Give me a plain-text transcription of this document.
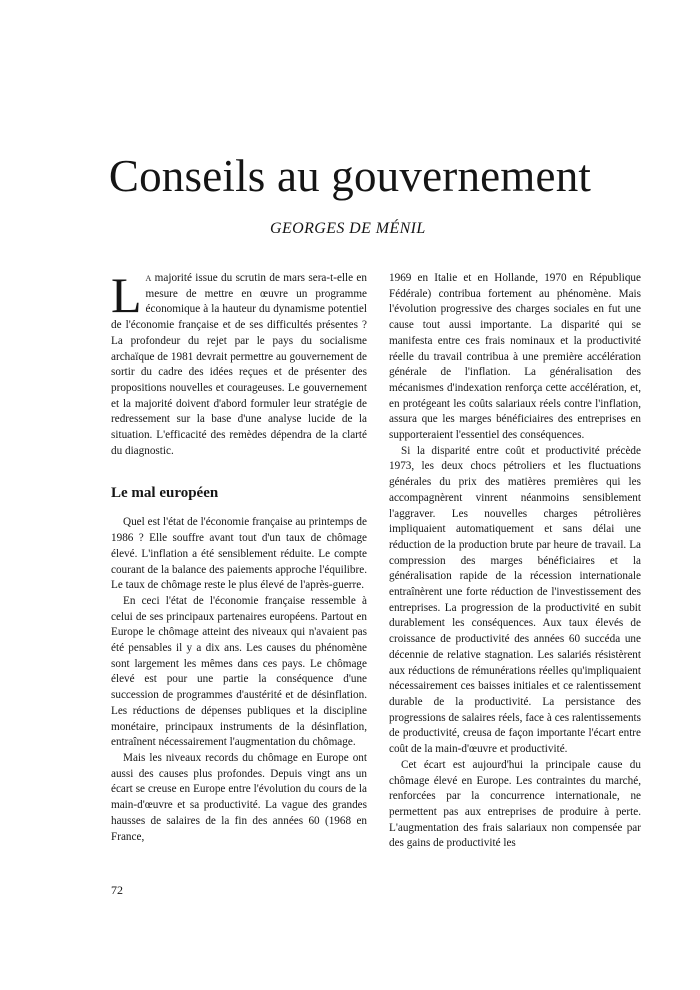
Conseils au gouvernement
GEORGES DE MÉNIL

La majorité issue du scrutin de mars sera-t-elle en mesure de mettre en œuvre un programme économique à la hauteur du dynamisme potentiel de l'économie française et de ses difficultés présentes ? La profondeur du rejet par le pays du socialisme archaïque de 1981 devrait permettre au gouvernement de sortir du cadre des idées reçues et de présenter des propositions nouvelles et courageuses. Le gouvernement et la majorité doivent d'abord formuler leur stratégie de redressement sur la base d'une analyse lucide de la situation. L'efficacité des remèdes dépendra de la clarté du diagnostic.

Le mal européen

Quel est l'état de l'économie française au printemps de 1986 ? Elle souffre avant tout d'un taux de chômage élevé. L'inflation a été sensiblement réduite. Le compte courant de la balance des paiements approche l'équilibre. Le taux de chômage reste le plus élevé de l'après-guerre.

En ceci l'état de l'économie française ressemble à celui de ses principaux partenaires européens. Partout en Europe le chômage atteint des niveaux qui n'avaient pas été pensables il y a dix ans. Les causes du phénomène sont largement les mêmes dans ces pays. Le chômage élevé est pour une partie la conséquence d'une succession de programmes d'austérité et de désinflation. Les réductions de dépenses publiques et la discipline monétaire, principaux instruments de la désinflation, entraînent nécessairement l'augmentation du chômage.

Mais les niveaux records du chômage en Europe ont aussi des causes plus profondes. Depuis vingt ans un écart se creuse en Europe entre l'évolution du cours de la main-d'œuvre et sa productivité. La vague des grandes hausses de salaires de la fin des années 60 (1968 en France,

1969 en Italie et en Hollande, 1970 en République Fédérale) contribua fortement au phénomène. Mais l'évolution progressive des charges sociales en fut une cause tout aussi importante. La disparité qui se manifesta entre ces frais nominaux et la productivité réelle du travail contribua à une première accélération générale de l'inflation. La généralisation des mécanismes d'indexation renforça cette accélération, et, en protégeant les coûts salariaux réels contre l'inflation, assura que les marges bénéficiaires des entreprises en supporteraient l'essentiel des conséquences.

Si la disparité entre coût et productivité précède 1973, les deux chocs pétroliers et les fluctuations générales du prix des matières premières qui les accompagnèrent vinrent néanmoins sensiblement l'aggraver. Les nouvelles charges pétrolières impliquaient automatiquement et sans délai une réduction de la production brute par heure de travail. La compression des marges bénéficiaires et la généralisation rapide de la récession internationale entraînèrent une forte réduction de l'investissement des entreprises. La progression de la productivité en subit durablement les conséquences. Aux taux élevés de croissance de productivité des années 60 succéda une décennie de relative stagnation. Les salariés résistèrent aux réductions de rémunérations réelles qu'impliquaient nécessairement ces baisses initiales et ce ralentissement durable de la productivité. La persistance des progressions de salaires réels, face à ces ralentissements de productivité, creusa de façon importante l'écart entre coût de la main-d'œuvre et productivité.

Cet écart est aujourd'hui la principale cause du chômage élevé en Europe. Les contraintes du marché, renforcées par la concurrence internationale, ne permettent pas aux entreprises de produire à perte. L'augmentation des frais salariaux non compensée par des gains de productivité les

72
